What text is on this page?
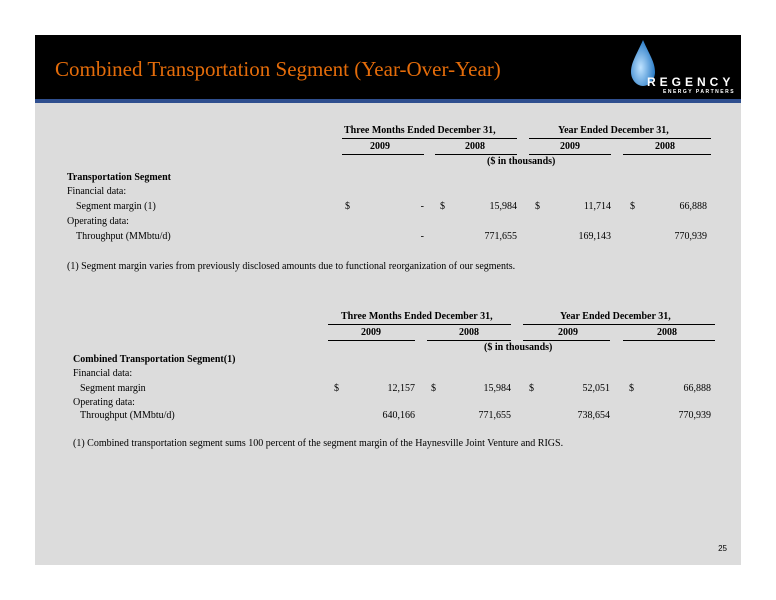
Combined Transportation Segment (Year-Over-Year)
REGENCY
ENERGY PARTNERS
Three Months Ended December 31,	Year Ended December 31,
2009	2008	2009	2008
($ in thousands)
Transportation Segment
Financial data:
Segment margin (1)	$	- $	15,984 $	11,714 $	66,888
Operating data:
Throughput (MMbtu/d)	-	771,655	169,143	770,939
(1) Segment margin varies from previously disclosed amounts due to functional reorganization of our segments.
Three Months Ended December 31,	Year Ended December 31,
2009	2008	2009	2008
($ in thousands)
Combined Transportation Segment(1)
Financial data:
Segment margin	$	12,157 $	15,984 $	52,051 $	66,888
Operating data:
Throughput (MMbtu/d)	640,166	771,655	738,654	770,939
(1) Combined transportation segment sums 100 percent of the segment margin of the Haynesville Joint Venture and RIGS.
25
